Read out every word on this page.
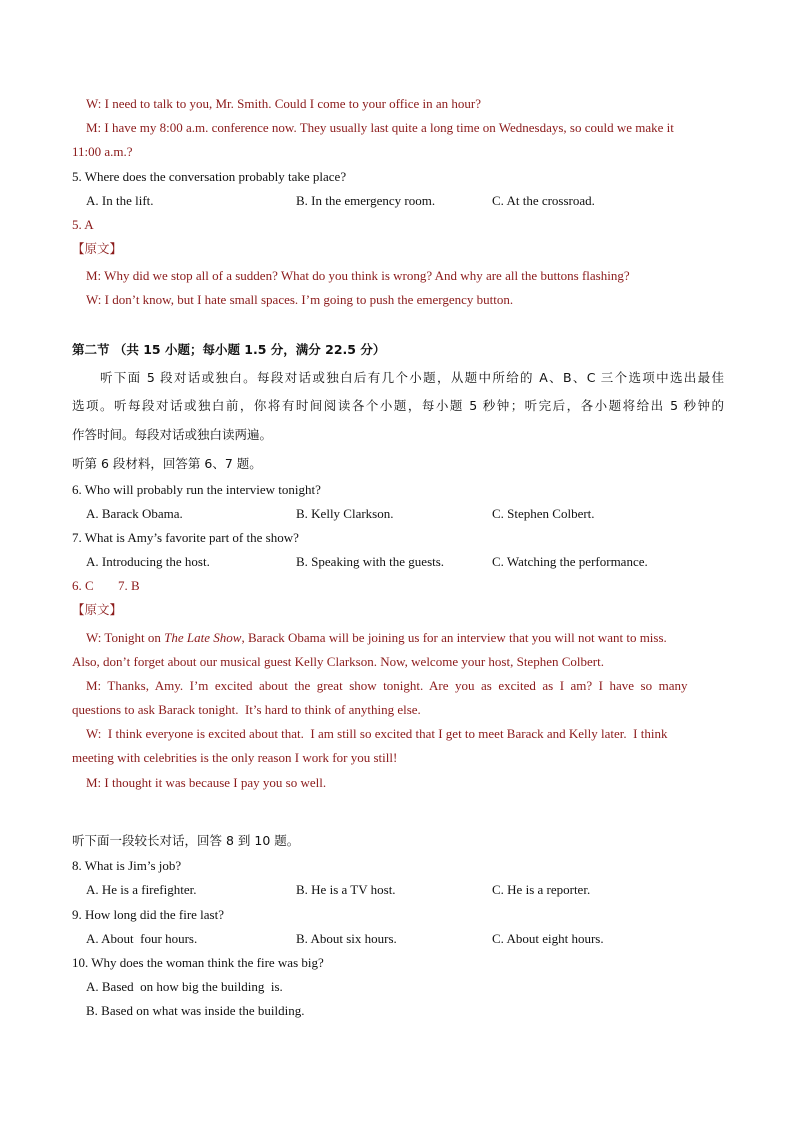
W: I need to talk to you, Mr. Smith. Could I come to your office in an hour?
M: I have my 8:00 a.m. conference now. They usually last quite a long time on Wednesdays, so could we make it
11:00 a.m.?
5. Where does the conversation probably take place?
A. In the lift.	B. In the emergency room.	C. At the crossroad.
5. A
【原文】
M: Why did we stop all of a sudden? What do you think is wrong? And why are all the buttons flashing?
W: I don’t know, but I hate small spaces. I’m going to push the emergency button.
第二节 （共 15 小题；每小题 1.5 分，满分 22.5 分）
听下面 5 段对话或独白。每段对话或独白后有几个小题，从题中所给的 A、B、C 三个选项中选出最佳
选项。听每段对话或独白前，你将有时间阅读各个小题，每小题 5 秒钟；听完后，各小题将给出 5 秒钟的
作答时间。每段对话或独白读两遍。
听第 6 段材料，回答第 6、7 题。
6. Who will probably run the interview tonight?
A. Barack Obama.	B. Kelly Clarkson.	C. Stephen Colbert.
7. What is Amy’s favorite part of the show?
A. Introducing the host.	B. Speaking with the guests.	C. Watching the performance.
6. C 7. B
【原文】
W: Tonight on The Late Show, Barack Obama will be joining us for an interview that you will not want to miss.
Also, don’t forget about our musical guest Kelly Clarkson. Now, welcome your host, Stephen Colbert.
M:  Thanks,  Amy.  I’m  excited  about  the  great  show  tonight.  Are  you  as  excited  as  I  am?  I  have  so  many
questions to ask Barack tonight.  It’s hard to think of anything else.
W:  I think everyone is excited about that.  I am still so excited that I get to meet Barack and Kelly later.  I think
meeting with celebrities is the only reason I work for you still!
M: I thought it was because I pay you so well.
听下面一段较长对话，回答 8 到 10 题。
8. What is Jim’s job?
A. He is a firefighter.	B. He is a TV host.	C. He is a reporter.
9. How long did the fire last?
A. About  four hours.	B. About six hours.	C. About eight hours.
10. Why does the woman think the fire was big?
A. Based  on how big the building  is.
B. Based on what was inside the building.
